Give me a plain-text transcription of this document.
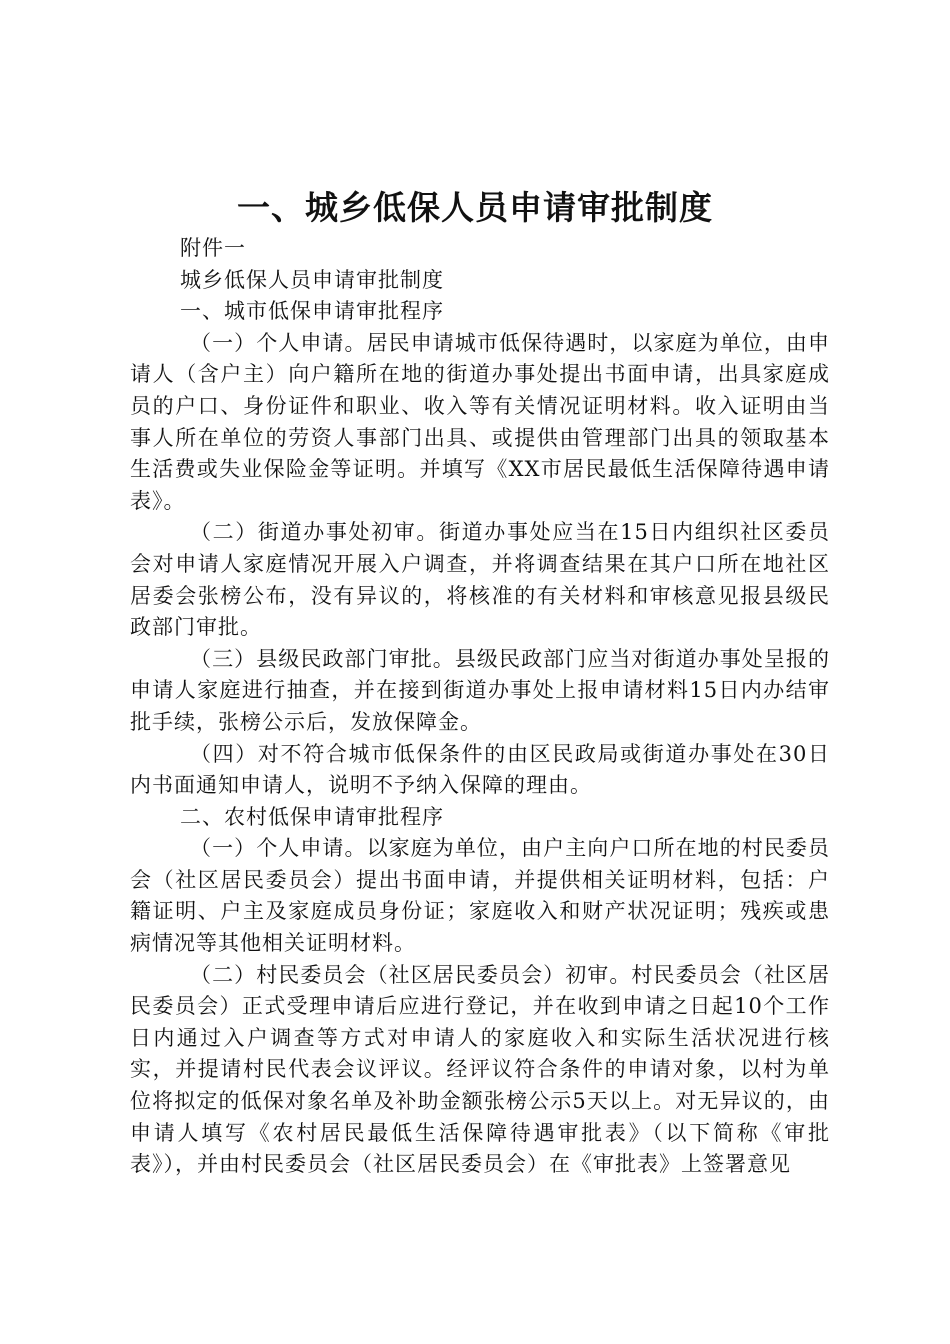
一、城乡低保人员申请审批制度

附件一

城乡低保人员申请审批制度

一、城市低保申请审批程序

（一）个人申请。居民申请城市低保待遇时，以家庭为单位，由申请人（含户主）向户籍所在地的街道办事处提出书面申请，出具家庭成员的户口、身份证件和职业、收入等有关情况证明材料。收入证明由当事人所在单位的劳资人事部门出具、或提供由管理部门出具的领取基本生活费或失业保险金等证明。并填写《XX市居民最低生活保障待遇申请表》。

（二）街道办事处初审。街道办事处应当在15日内组织社区委员会对申请人家庭情况开展入户调查，并将调查结果在其户口所在地社区居委会张榜公布，没有异议的，将核准的有关材料和审核意见报县级民政部门审批。

（三）县级民政部门审批。县级民政部门应当对街道办事处呈报的申请人家庭进行抽查，并在接到街道办事处上报申请材料15日内办结审批手续，张榜公示后，发放保障金。

（四）对不符合城市低保条件的由区民政局或街道办事处在30日内书面通知申请人，说明不予纳入保障的理由。

二、农村低保申请审批程序

（一）个人申请。以家庭为单位，由户主向户口所在地的村民委员会（社区居民委员会）提出书面申请，并提供相关证明材料，包括：户籍证明、户主及家庭成员身份证；家庭收入和财产状况证明；残疾或患病情况等其他相关证明材料。

（二）村民委员会（社区居民委员会）初审。村民委员会（社区居民委员会）正式受理申请后应进行登记，并在收到申请之日起10个工作日内通过入户调查等方式对申请人的家庭收入和实际生活状况进行核实，并提请村民代表会议评议。经评议符合条件的申请对象，以村为单位将拟定的低保对象名单及补助金额张榜公示5天以上。对无异议的，由申请人填写《农村居民最低生活保障待遇审批表》（以下简称《审批表》），并由村民委员会（社区居民委员会）在《审批表》上签署意见
